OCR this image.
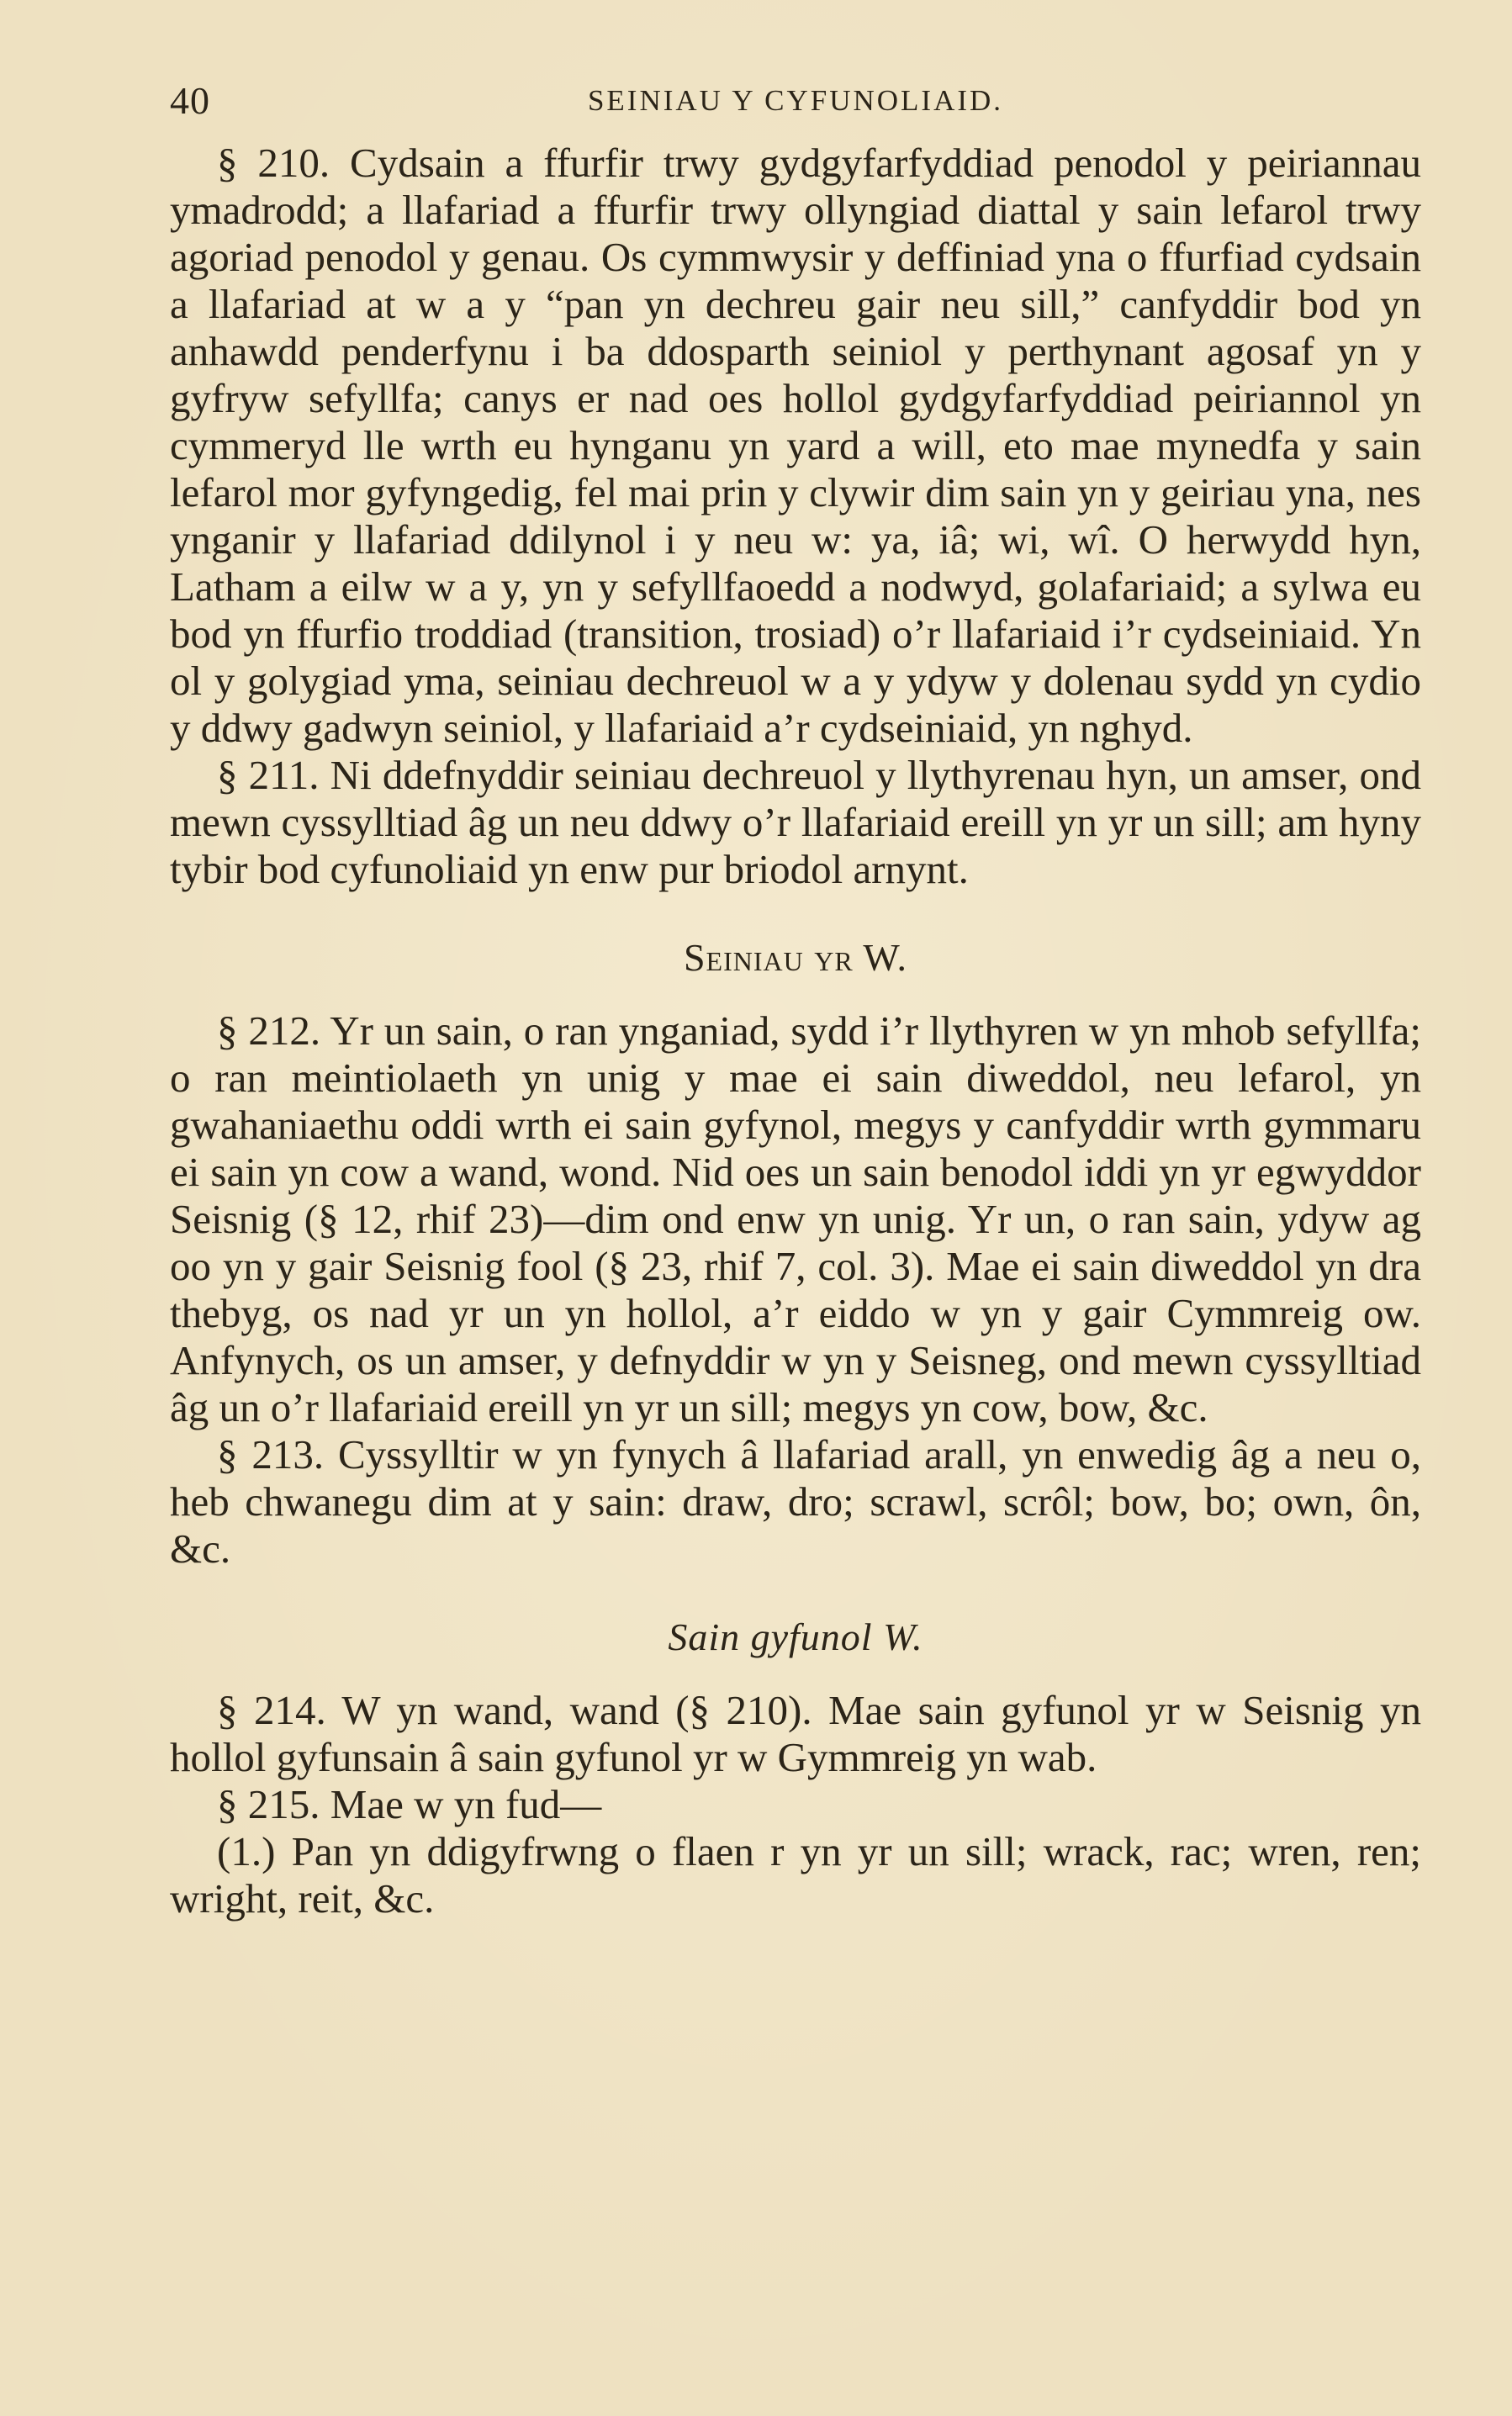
40	SEINIAU Y CYFUNOLIAID.

§ 210. Cydsain a ffurfir trwy gydgyfarfyddiad penodol y peiriannau ymadrodd; a llafariad a ffurfir trwy ollyngiad diattal y sain lefarol trwy agoriad penodol y genau. Os cymmwysir y deffiniad yna o ffurfiad cydsain a llafariad at w a y “pan yn dechreu gair neu sill,” canfyddir bod yn anhawdd penderfynu i ba ddosparth seiniol y perthynant agosaf yn y gyfryw sefyllfa; canys er nad oes hollol gydgyfarfyddiad peiriannol yn cymmeryd lle wrth eu hynganu yn yard a will, eto mae mynedfa y sain lefarol mor gyfyngedig, fel mai prin y clywir dim sain yn y geiriau yna, nes ynganir y llafariad ddilynol i y neu w: ya, iâ; wi, wî. O herwydd hyn, Latham a eilw w a y, yn y sefyllfaoedd a nodwyd, golafariaid; a sylwa eu bod yn ffurfio troddiad (transition, trosiad) o’r llafariaid i’r cydseiniaid. Yn ol y golygiad yma, seiniau dechreuol w a y ydyw y dolenau sydd yn cydio y ddwy gadwyn seiniol, y llafariaid a’r cydseiniaid, yn nghyd.

§ 211. Ni ddefnyddir seiniau dechreuol y llythyrenau hyn, un amser, ond mewn cyssylltiad âg un neu ddwy o’r llafariaid ereill yn yr un sill; am hyny tybir bod cyfunoliaid yn enw pur briodol arnynt.

Seiniau yr W.

§ 212. Yr un sain, o ran ynganiad, sydd i’r llythyren w yn mhob sefyllfa; o ran meintiolaeth yn unig y mae ei sain diweddol, neu lefarol, yn gwahaniaethu oddi wrth ei sain gyfynol, megys y canfyddir wrth gymmaru ei sain yn cow a wand, wond. Nid oes un sain benodol iddi yn yr egwyddor Seisnig (§ 12, rhif 23)—dim ond enw yn unig. Yr un, o ran sain, ydyw ag oo yn y gair Seisnig fool (§ 23, rhif 7, col. 3). Mae ei sain diweddol yn dra thebyg, os nad yr un yn hollol, a’r eiddo w yn y gair Cymmreig ow. Anfynych, os un amser, y defnyddir w yn y Seisneg, ond mewn cyssylltiad âg un o’r llafariaid ereill yn yr un sill; megys yn cow, bow, &c.

§ 213. Cyssylltir w yn fynych â llafariad arall, yn enwedig âg a neu o, heb chwanegu dim at y sain: draw, dro; scrawl, scrôl; bow, bo; own, ôn, &c.

Sain gyfunol W.

§ 214. W yn wand, wand (§ 210). Mae sain gyfunol yr w Seisnig yn hollol gyfunsain â sain gyfunol yr w Gymmreig yn wab.

§ 215. Mae w yn fud—

(1.) Pan yn ddigyfrwng o flaen r yn yr un sill; wrack, rac; wren, ren; wright, reit, &c.
